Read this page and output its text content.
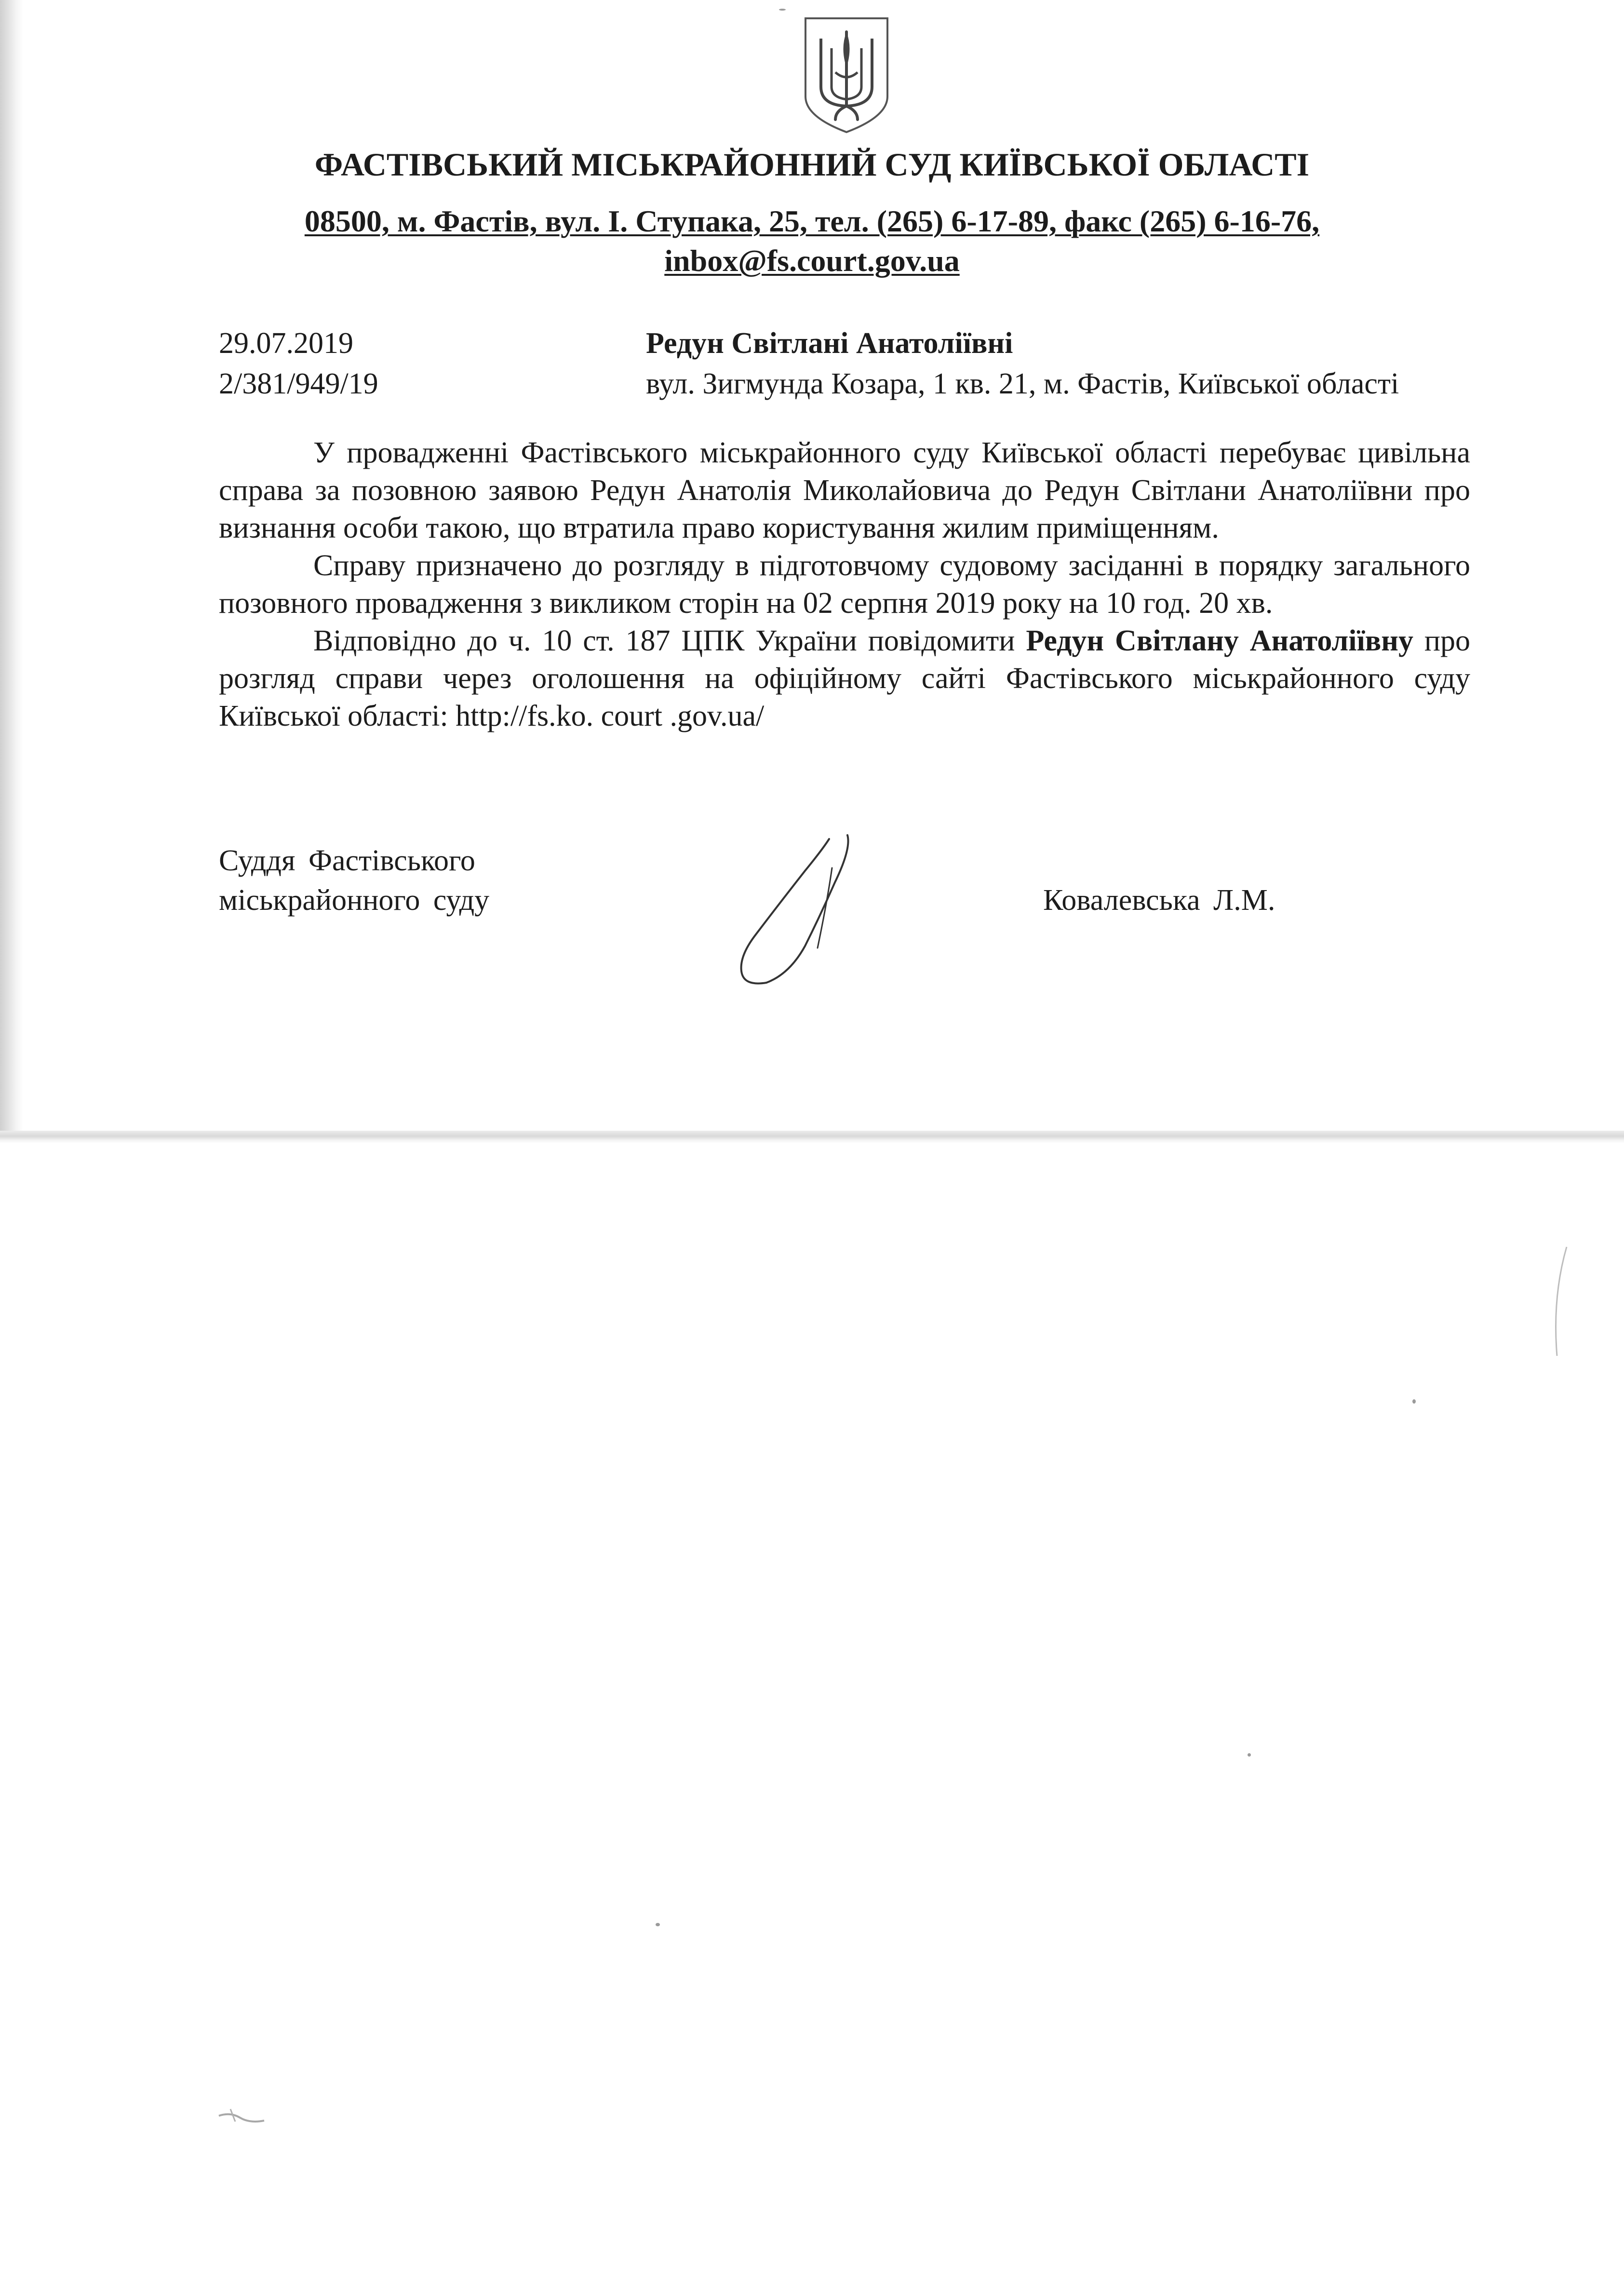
ФАСТІВСЬКИЙ МІСЬКРАЙОННИЙ СУД КИЇВСЬКОЇ ОБЛАСТІ
08500, м. Фастів, вул. І. Ступака, 25, тел. (265) 6-17-89, факс (265) 6-16-76,
inbox@fs.court.gov.ua
29.07.2019
2/381/949/19
Редун Світлані Анатоліївні
вул. Зигмунда Козара, 1 кв. 21, м. Фастів, Київської області

У провадженні Фастівського міськрайонного суду Київської області перебуває цивільна справа за позовною заявою Редун Анатолія Миколайовича до Редун Світлани Анатоліївни про визнання особи такою, що втратила право користування жилим приміщенням.

Справу призначено до розгляду в підготовчому судовому засіданні в порядку загального позовного провадження з викликом сторін на 02 серпня 2019 року на 10 год. 20 хв.

Відповідно до ч. 10 ст. 187 ЦПК України повідомити Редун Світлану Анатоліївну про розгляд справи через оголошення на офіційному сайті Фастівського міськрайонного суду Київської області: http://fs.ko. court .gov.ua/

Суддя Фастівського
міськрайонного суду	Ковалевська Л.М.
